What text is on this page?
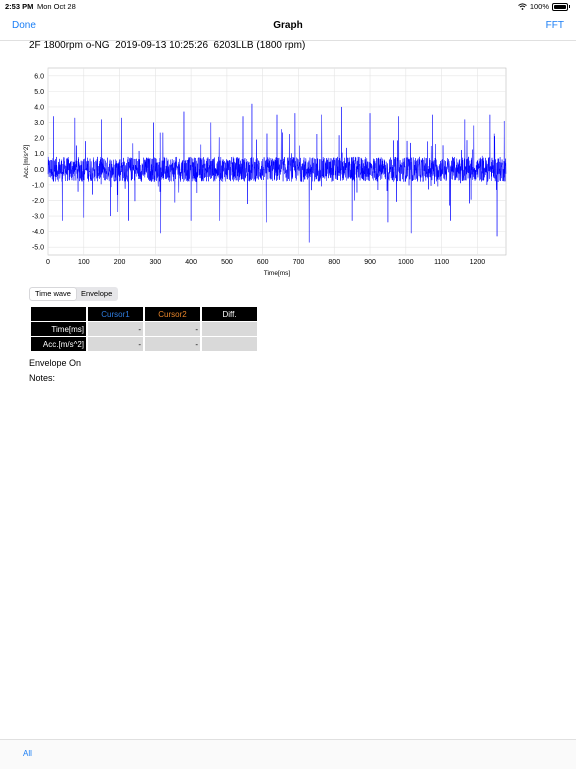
2:53 PM Mon Oct 28	100%
Done	Graph	FFT
2F 1800rpm o-NG  2019-09-13 10:25:26  6203LLB (1800 rpm)
0	100	200	300	400	500	600	700	800	900	1000	1100	1200
6.0
5.0
4.0
3.0
2.0
1.0
0.0
-1.0
-2.0
-3.0
-4.0
-5.0
Time[ms]
Acc.[m/s^2]
Time wave	Envelope
	Cursor1	Cursor2	Diff.
Time[ms]	-	-	
Acc.[m/s^2]	-	-	
Envelope On
Notes:
All
